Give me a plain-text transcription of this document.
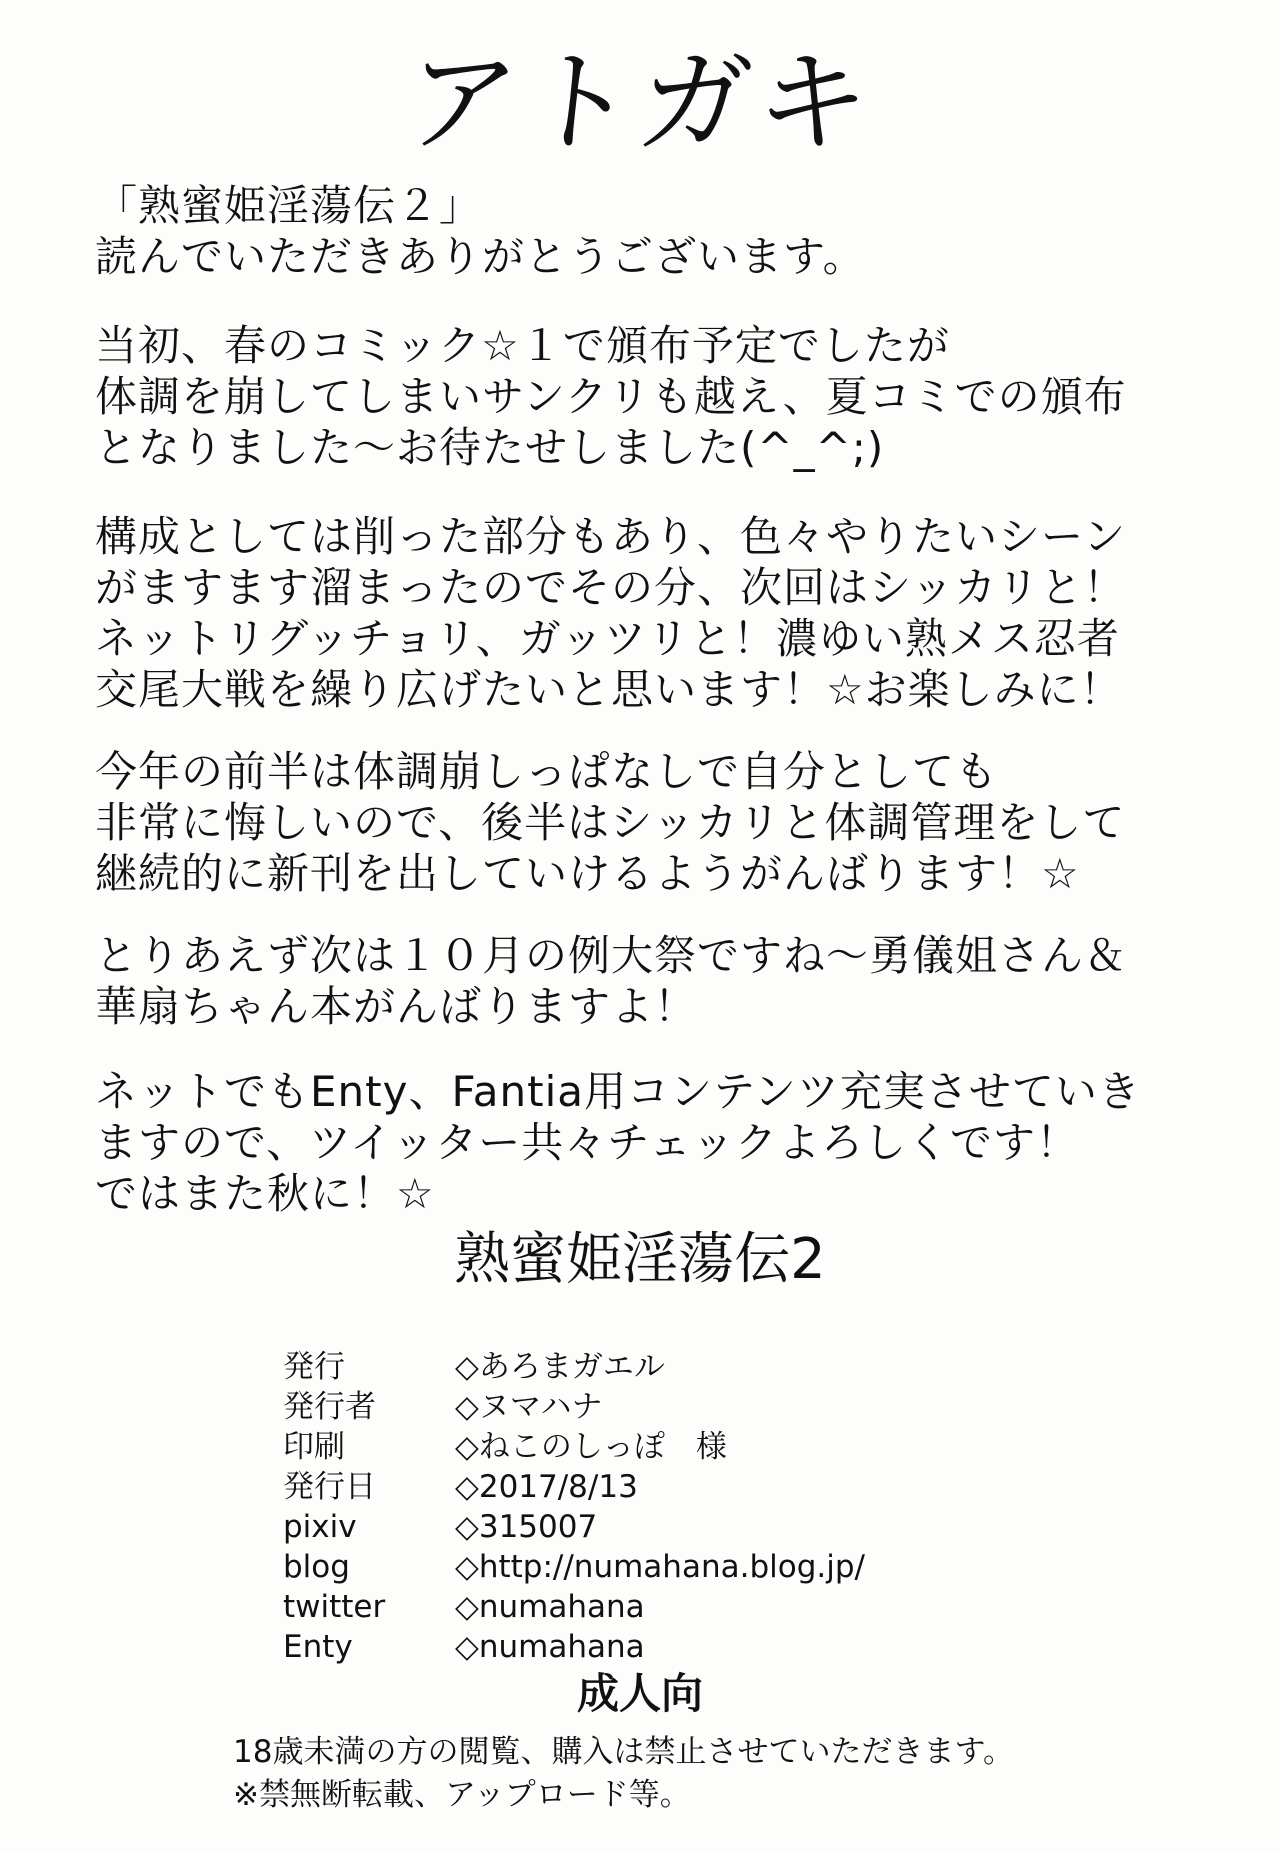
アトガキ
「熟蜜姫淫蕩伝２」
読んでいただきありがとうございます。
当初、春のコミック☆１で頒布予定でしたが
体調を崩してしまいサンクリも越え、夏コミでの頒布
となりました〜お待たせしました(^_^;)
構成としては削った部分もあり、色々やりたいシーン
がますます溜まったのでその分、次回はシッカリと！
ネットリグッチョリ、ガッツリと！濃ゆい熟メス忍者
交尾大戦を繰り広げたいと思います！☆お楽しみに！
今年の前半は体調崩しっぱなしで自分としても
非常に悔しいので、後半はシッカリと体調管理をして
継続的に新刊を出していけるようがんばります！☆
とりあえず次は１０月の例大祭ですね〜勇儀姐さん＆
華扇ちゃん本がんばりますよ！
ネットでもEnty、Fantia用コンテンツ充実させていき
ますので、ツイッター共々チェックよろしくです！
ではまた秋に！☆
熟蜜姫淫蕩伝2
発行	◇あろまガエル
発行者	◇ヌマハナ
印刷	◇ねこのしっぽ　様
発行日	◇2017/8/13
pixiv	◇315007
blog	◇http://numahana.blog.jp/
twitter	◇numahana
Enty	◇numahana
成人向
18歳未満の方の閲覧、購入は禁止させていただきます。
※禁無断転載、アップロード等。
